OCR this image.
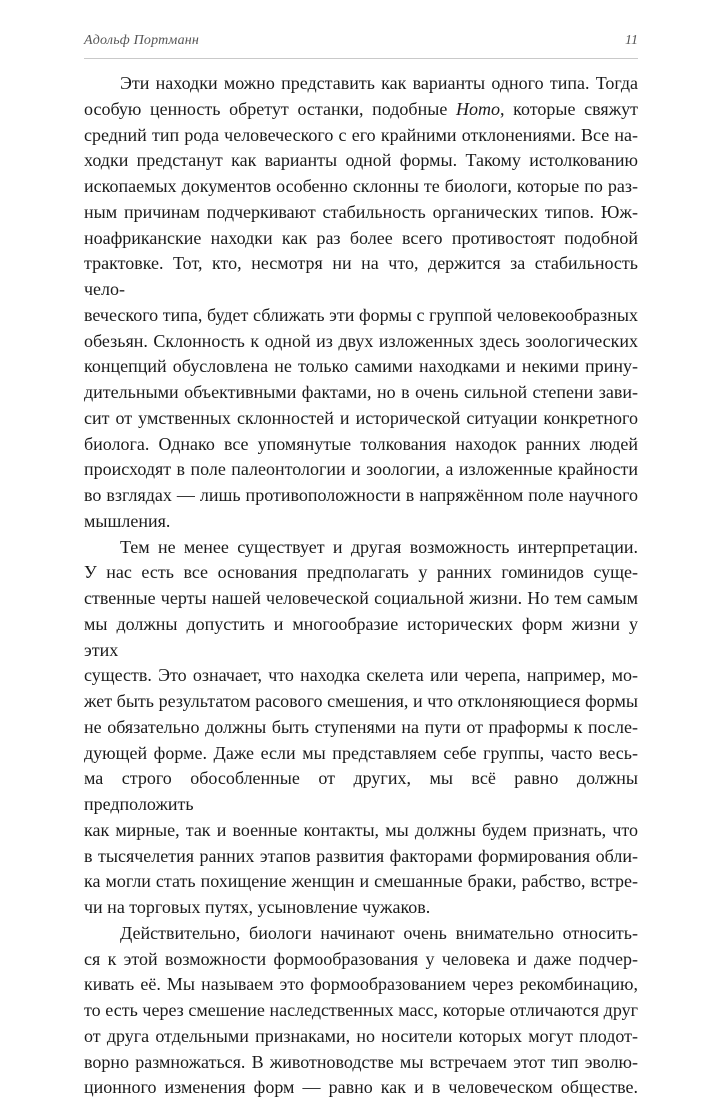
Адольф Портманн	11
Эти находки можно представить как варианты одного типа. Тогда
особую ценность обретут останки, подобные Homo, которые свяжут
средний тип рода человеческого с его крайними отклонениями. Все на-
ходки предстанут как варианты одной формы. Такому истолкованию
ископаемых документов особенно склонны те биологи, которые по раз-
ным причинам подчеркивают стабильность органических типов. Юж-
ноафриканские находки как раз более всего противостоят подобной
трактовке. Тот, кто, несмотря ни на что, держится за стабильность чело-
веческого типа, будет сближать эти формы с группой человекообразных
обезьян. Склонность к одной из двух изложенных здесь зоологических
концепций обусловлена не только самими находками и некими прину-
дительными объективными фактами, но в очень сильной степени зави-
сит от умственных склонностей и исторической ситуации конкретного
биолога. Однако все упомянутые толкования находок ранних людей
происходят в поле палеонтологии и зоологии, а изложенные крайности
во взглядах — лишь противоположности в напряжённом поле научного
мышления.
Тем не менее существует и другая возможность интерпретации.
У нас есть все основания предполагать у ранних гоминидов суще-
ственные черты нашей человеческой социальной жизни. Но тем самым
мы должны допустить и многообразие исторических форм жизни у этих
существ. Это означает, что находка скелета или черепа, например, мо-
жет быть результатом расового смешения, и что отклоняющиеся формы
не обязательно должны быть ступенями на пути от праформы к после-
дующей форме. Даже если мы представляем себе группы, часто весь-
ма строго обособленные от других, мы всё равно должны предположить
как мирные, так и военные контакты, мы должны будем признать, что
в тысячелетия ранних этапов развития факторами формирования обли-
ка могли стать похищение женщин и смешанные браки, рабство, встре-
чи на торговых путях, усыновление чужаков.
Действительно, биологи начинают очень внимательно относить-
ся к этой возможности формообразования у человека и даже подчер-
кивать её. Мы называем это формообразованием через рекомбинацию,
то есть через смешение наследственных масс, которые отличаются друг
от друга отдельными признаками, но носители которых могут плодот-
ворно размножаться. В животноводстве мы встречаем этот тип эволю-
ционного изменения форм — равно как и в человеческом обществе.
